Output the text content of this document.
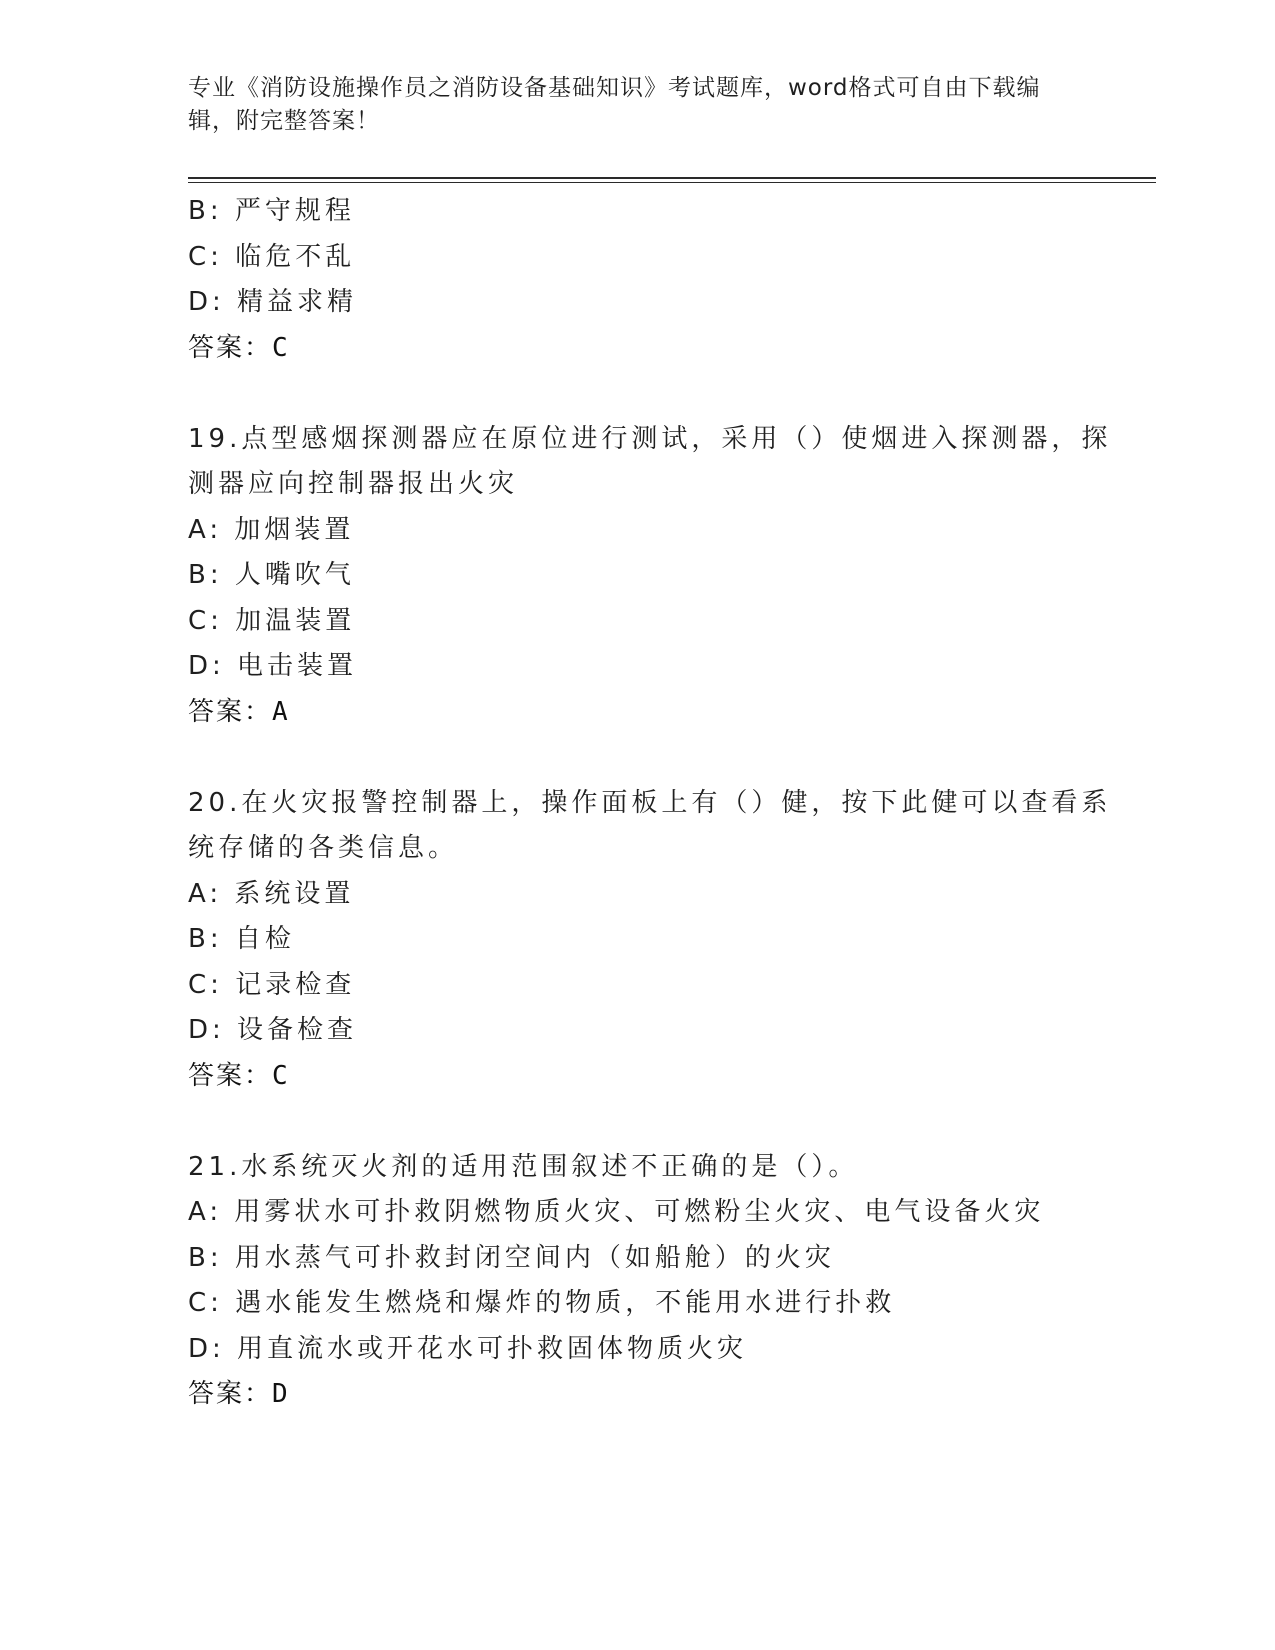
专业《消防设施操作员之消防设备基础知识》考试题库，word格式可自由下载编辑，附完整答案！
B: 严守规程
C: 临危不乱
D: 精益求精
答案：C
19.点型感烟探测器应在原位进行测试，采用（）使烟进入探测器，探
测器应向控制器报出火灾
A: 加烟装置
B: 人嘴吹气
C: 加温装置
D: 电击装置
答案：A
20.在火灾报警控制器上，操作面板上有（）健，按下此健可以查看系
统存储的各类信息。
A: 系统设置
B: 自检
C: 记录检查
D: 设备检查
答案：C
21.水系统灭火剂的适用范围叙述不正确的是（）。
A: 用雾状水可扑救阴燃物质火灾、可燃粉尘火灾、电气设备火灾
B: 用水蒸气可扑救封闭空间内（如船舱）的火灾
C: 遇水能发生燃烧和爆炸的物质，不能用水进行扑救
D: 用直流水或开花水可扑救固体物质火灾
答案：D
